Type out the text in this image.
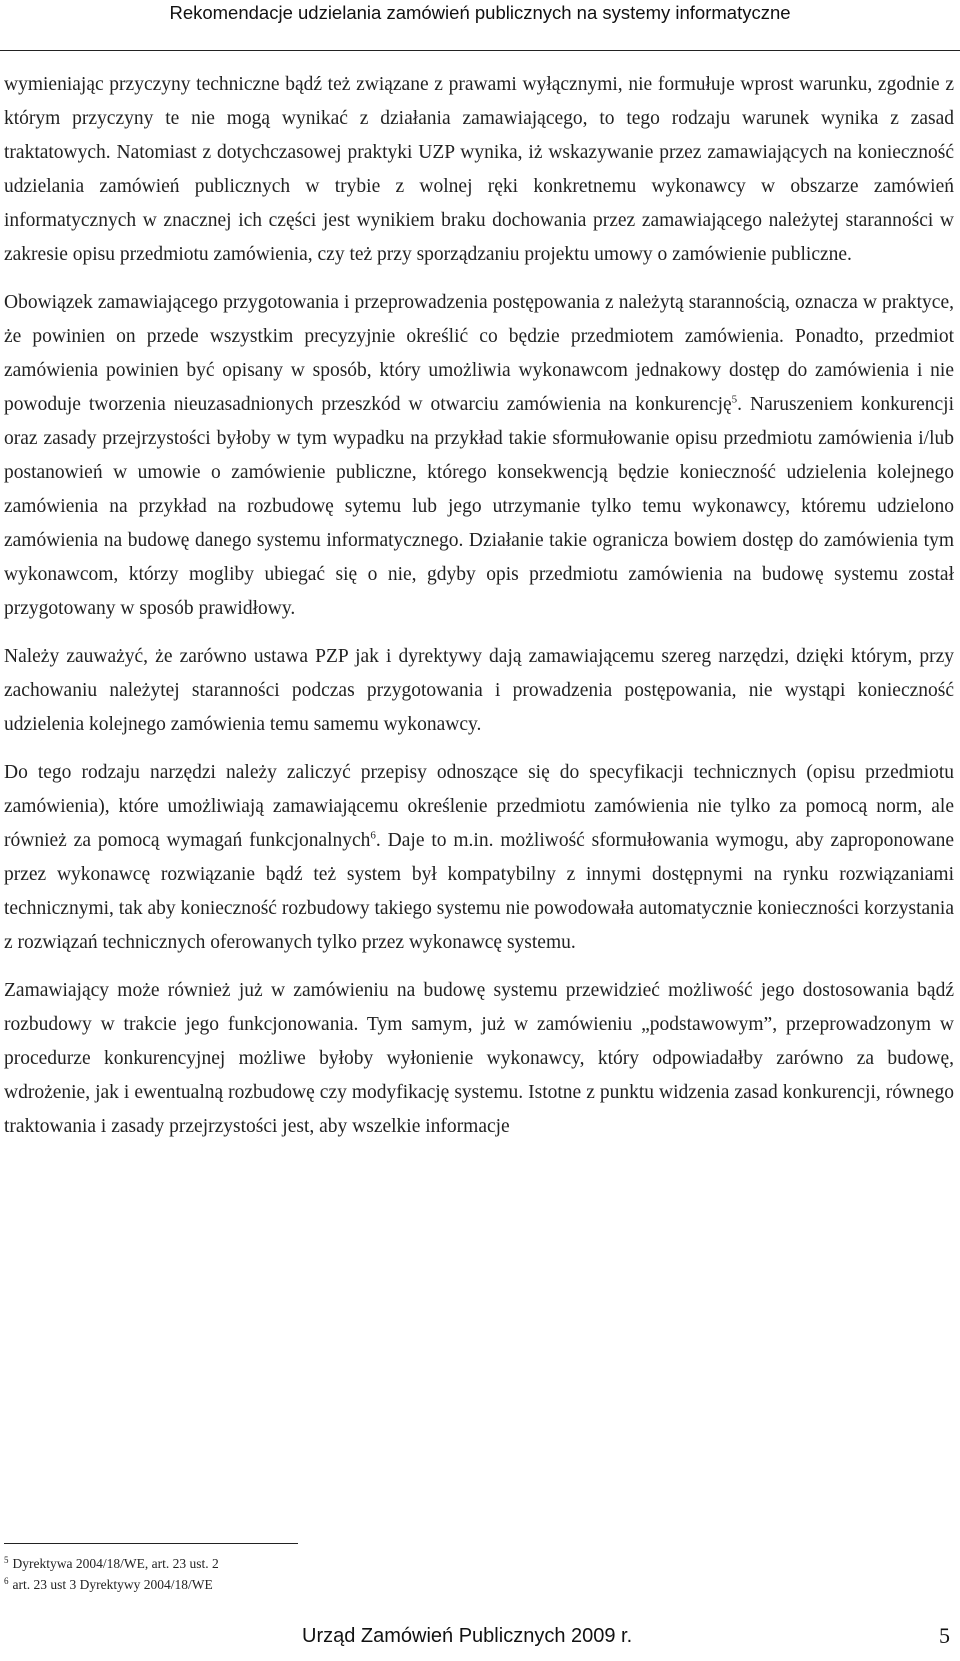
Rekomendacje udzielania zamówień publicznych na systemy informatyczne

wymieniając przyczyny techniczne bądź też związane z prawami wyłącznymi, nie formułuje wprost warunku, zgodnie z którym przyczyny te nie mogą wynikać z działania zamawiającego, to tego rodzaju warunek wynika z zasad traktatowych. Natomiast z dotychczasowej praktyki UZP wynika, iż wskazywanie przez zamawiających na konieczność udzielania zamówień publicznych w trybie z wolnej ręki konkretnemu wykonawcy w obszarze zamówień informatycznych w znacznej ich części jest wynikiem braku dochowania przez zamawiającego należytej staranności w zakresie opisu przedmiotu zamówienia, czy też przy sporządzaniu projektu umowy o zamówienie publiczne.

Obowiązek zamawiającego przygotowania i przeprowadzenia postępowania z należytą starannością, oznacza w praktyce, że powinien on przede wszystkim precyzyjnie określić co będzie przedmiotem zamówienia. Ponadto, przedmiot zamówienia powinien być opisany w sposób, który umożliwia wykonawcom jednakowy dostęp do zamówienia i nie powoduje tworzenia nieuzasadnionych przeszkód w otwarciu zamówienia na konkurencję$^5$. Naruszeniem konkurencji oraz zasady przejrzystości byłoby w tym wypadku na przykład takie sformułowanie opisu przedmiotu zamówienia i/lub postanowień w umowie o zamówienie publiczne, którego konsekwencją będzie konieczność udzielenia kolejnego zamówienia na przykład na rozbudowę sytemu lub jego utrzymanie tylko temu wykonawcy, któremu udzielono zamówienia na budowę danego systemu informatycznego. Działanie takie ogranicza bowiem dostęp do zamówienia tym wykonawcom, którzy mogliby ubiegać się o nie, gdyby opis przedmiotu zamówienia na budowę systemu został przygotowany w sposób prawidłowy.

Należy zauważyć, że zarówno ustawa PZP jak i dyrektywy dają zamawiającemu szereg narzędzi, dzięki którym, przy zachowaniu należytej staranności podczas przygotowania i prowadzenia postępowania, nie wystąpi konieczność udzielenia kolejnego zamówienia temu samemu wykonawcy.

Do tego rodzaju narzędzi należy zaliczyć przepisy odnoszące się do specyfikacji technicznych (opisu przedmiotu zamówienia), które umożliwiają zamawiającemu określenie przedmiotu zamówienia nie tylko za pomocą norm, ale również za pomocą wymagań funkcjonalnych$^6$. Daje to m.in. możliwość sformułowania wymogu, aby zaproponowane przez wykonawcę rozwiązanie bądź też system był kompatybilny z innymi dostępnymi na rynku rozwiązaniami technicznymi, tak aby konieczność rozbudowy takiego systemu nie powodowała automatycznie konieczności korzystania z rozwiązań technicznych oferowanych tylko przez wykonawcę systemu.

Zamawiający może również już w zamówieniu na budowę systemu przewidzieć możliwość jego dostosowania bądź rozbudowy w trakcie jego funkcjonowania. Tym samym, już w zamówieniu „podstawowym”, przeprowadzonym w procedurze konkurencyjnej możliwe byłoby wyłonienie wykonawcy, który odpowiadałby zarówno za budowę, wdrożenie, jak i ewentualną rozbudowę czy modyfikację systemu. Istotne z punktu widzenia zasad konkurencji, równego traktowania i zasady przejrzystości jest, aby wszelkie informacje

$^5$ Dyrektywa 2004/18/WE, art. 23 ust. 2
$^6$ art. 23 ust 3 Dyrektywy 2004/18/WE
Urząd Zamówień Publicznych 2009 r.	5
